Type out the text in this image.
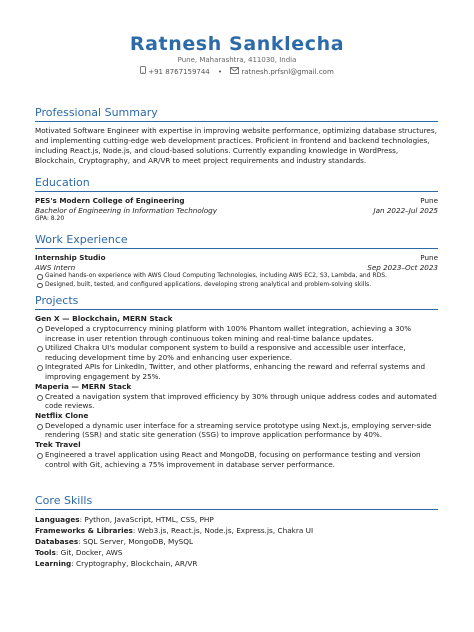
Ratnesh Sanklecha
Pune, Maharashtra, 411030, India
+91 8767159744 •	ratnesh.prfsnl@gmail.com
Professional Summary
Motivated Software Engineer with expertise in improving website performance, optimizing database structures, and implementing cutting-edge web development practices. Proficient in frontend and backend technologies, including React.js, Node.js, and cloud-based solutions. Currently expanding knowledge in WordPress, Blockchain, Cryptography, and AR/VR to meet project requirements and industry standards.
Education
PES's Modern College of Engineering	Pune
Bachelor of Engineering in Information Technology	Jan 2022–Jul 2025
GPA: 8.20
Work Experience
Internship Studio	Pune
AWS Intern	Sep 2023–Oct 2023
Gained hands-on experience with AWS Cloud Computing Technologies, including AWS EC2, S3, Lambda, and RDS.
Designed, built, tested, and configured applications, developing strong analytical and problem-solving skills.
Projects
Gen X — Blockchain, MERN Stack
Developed a cryptocurrency mining platform with 100% Phantom wallet integration, achieving a 30% increase in user retention through continuous token mining and real-time balance updates.
Utilized Chakra UI's modular component system to build a responsive and accessible user interface, reducing development time by 20% and enhancing user experience.
Integrated APIs for LinkedIn, Twitter, and other platforms, enhancing the reward and referral systems and improving engagement by 25%.
Maperia — MERN Stack
Created a navigation system that improved efficiency by 30% through unique address codes and automated code reviews.
Netflix Clone
Developed a dynamic user interface for a streaming service prototype using Next.js, employing server-side rendering (SSR) and static site generation (SSG) to improve application performance by 40%.
Trek Travel
Engineered a travel application using React and MongoDB, focusing on performance testing and version control with Git, achieving a 75% improvement in database server performance.
Core Skills
Languages: Python, JavaScript, HTML, CSS, PHP
Frameworks & Libraries: Web3.js, React.js, Node.js, Express.js, Chakra UI
Databases: SQL Server, MongoDB, MySQL
Tools: Git, Docker, AWS
Learning: Cryptography, Blockchain, AR/VR
